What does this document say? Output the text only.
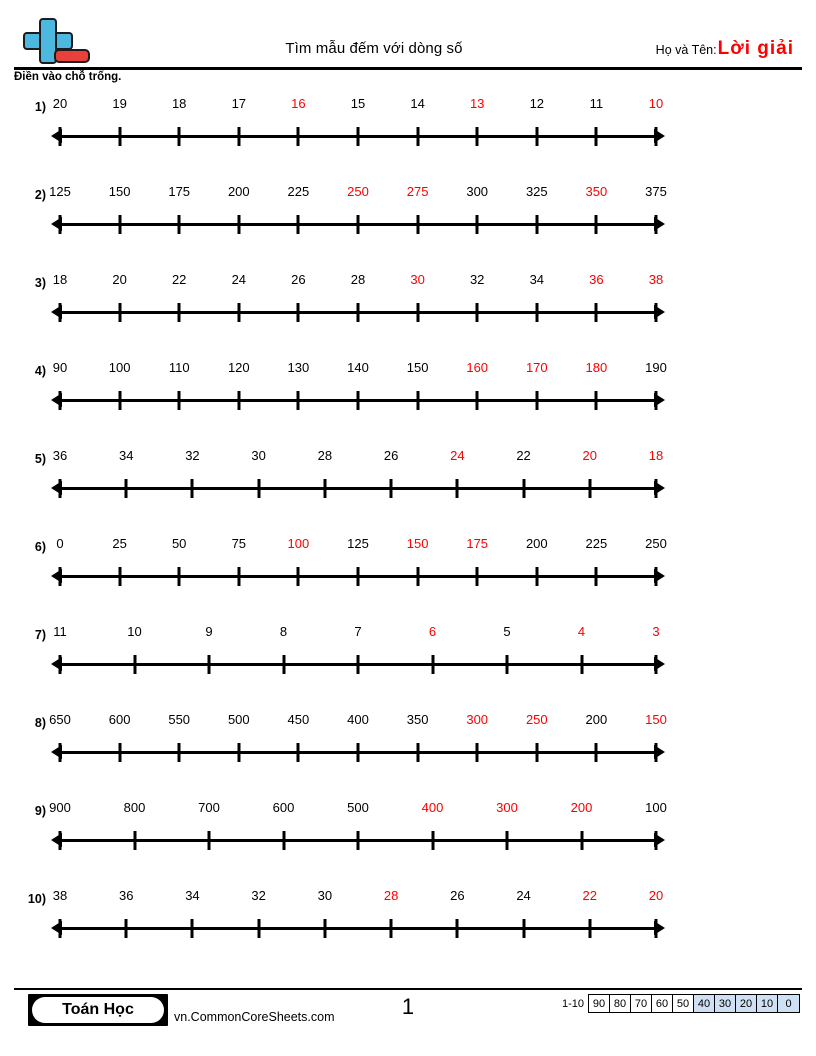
Tìm mẫu đếm với dòng số	Họ và Tên: Lời giải
Điền vào chỗ trống.
1) 20	19	18	17	16	15	14	13	12	11	10
2) 125	150	175	200	225	250	275	300	325	350	375
3) 18	20	22	24	26	28	30	32	34	36	38
4) 90	100	110	120	130	140	150	160	170	180	190
5) 36	34	32	30	28	26	24	22	20	18
6) 0	25	50	75	100	125	150	175	200	225	250
7) 11	10	9	8	7	6	5	4	3
8) 650	600	550	500	450	400	350	300	250	200	150
9) 900	800	700	600	500	400	300	200	100
10) 38	36	34	32	30	28	26	24	22	20
Toán Học	vn.CommonCoreSheets.com	1	1-10 90 80 70 60 50 40 30 20 10	0
